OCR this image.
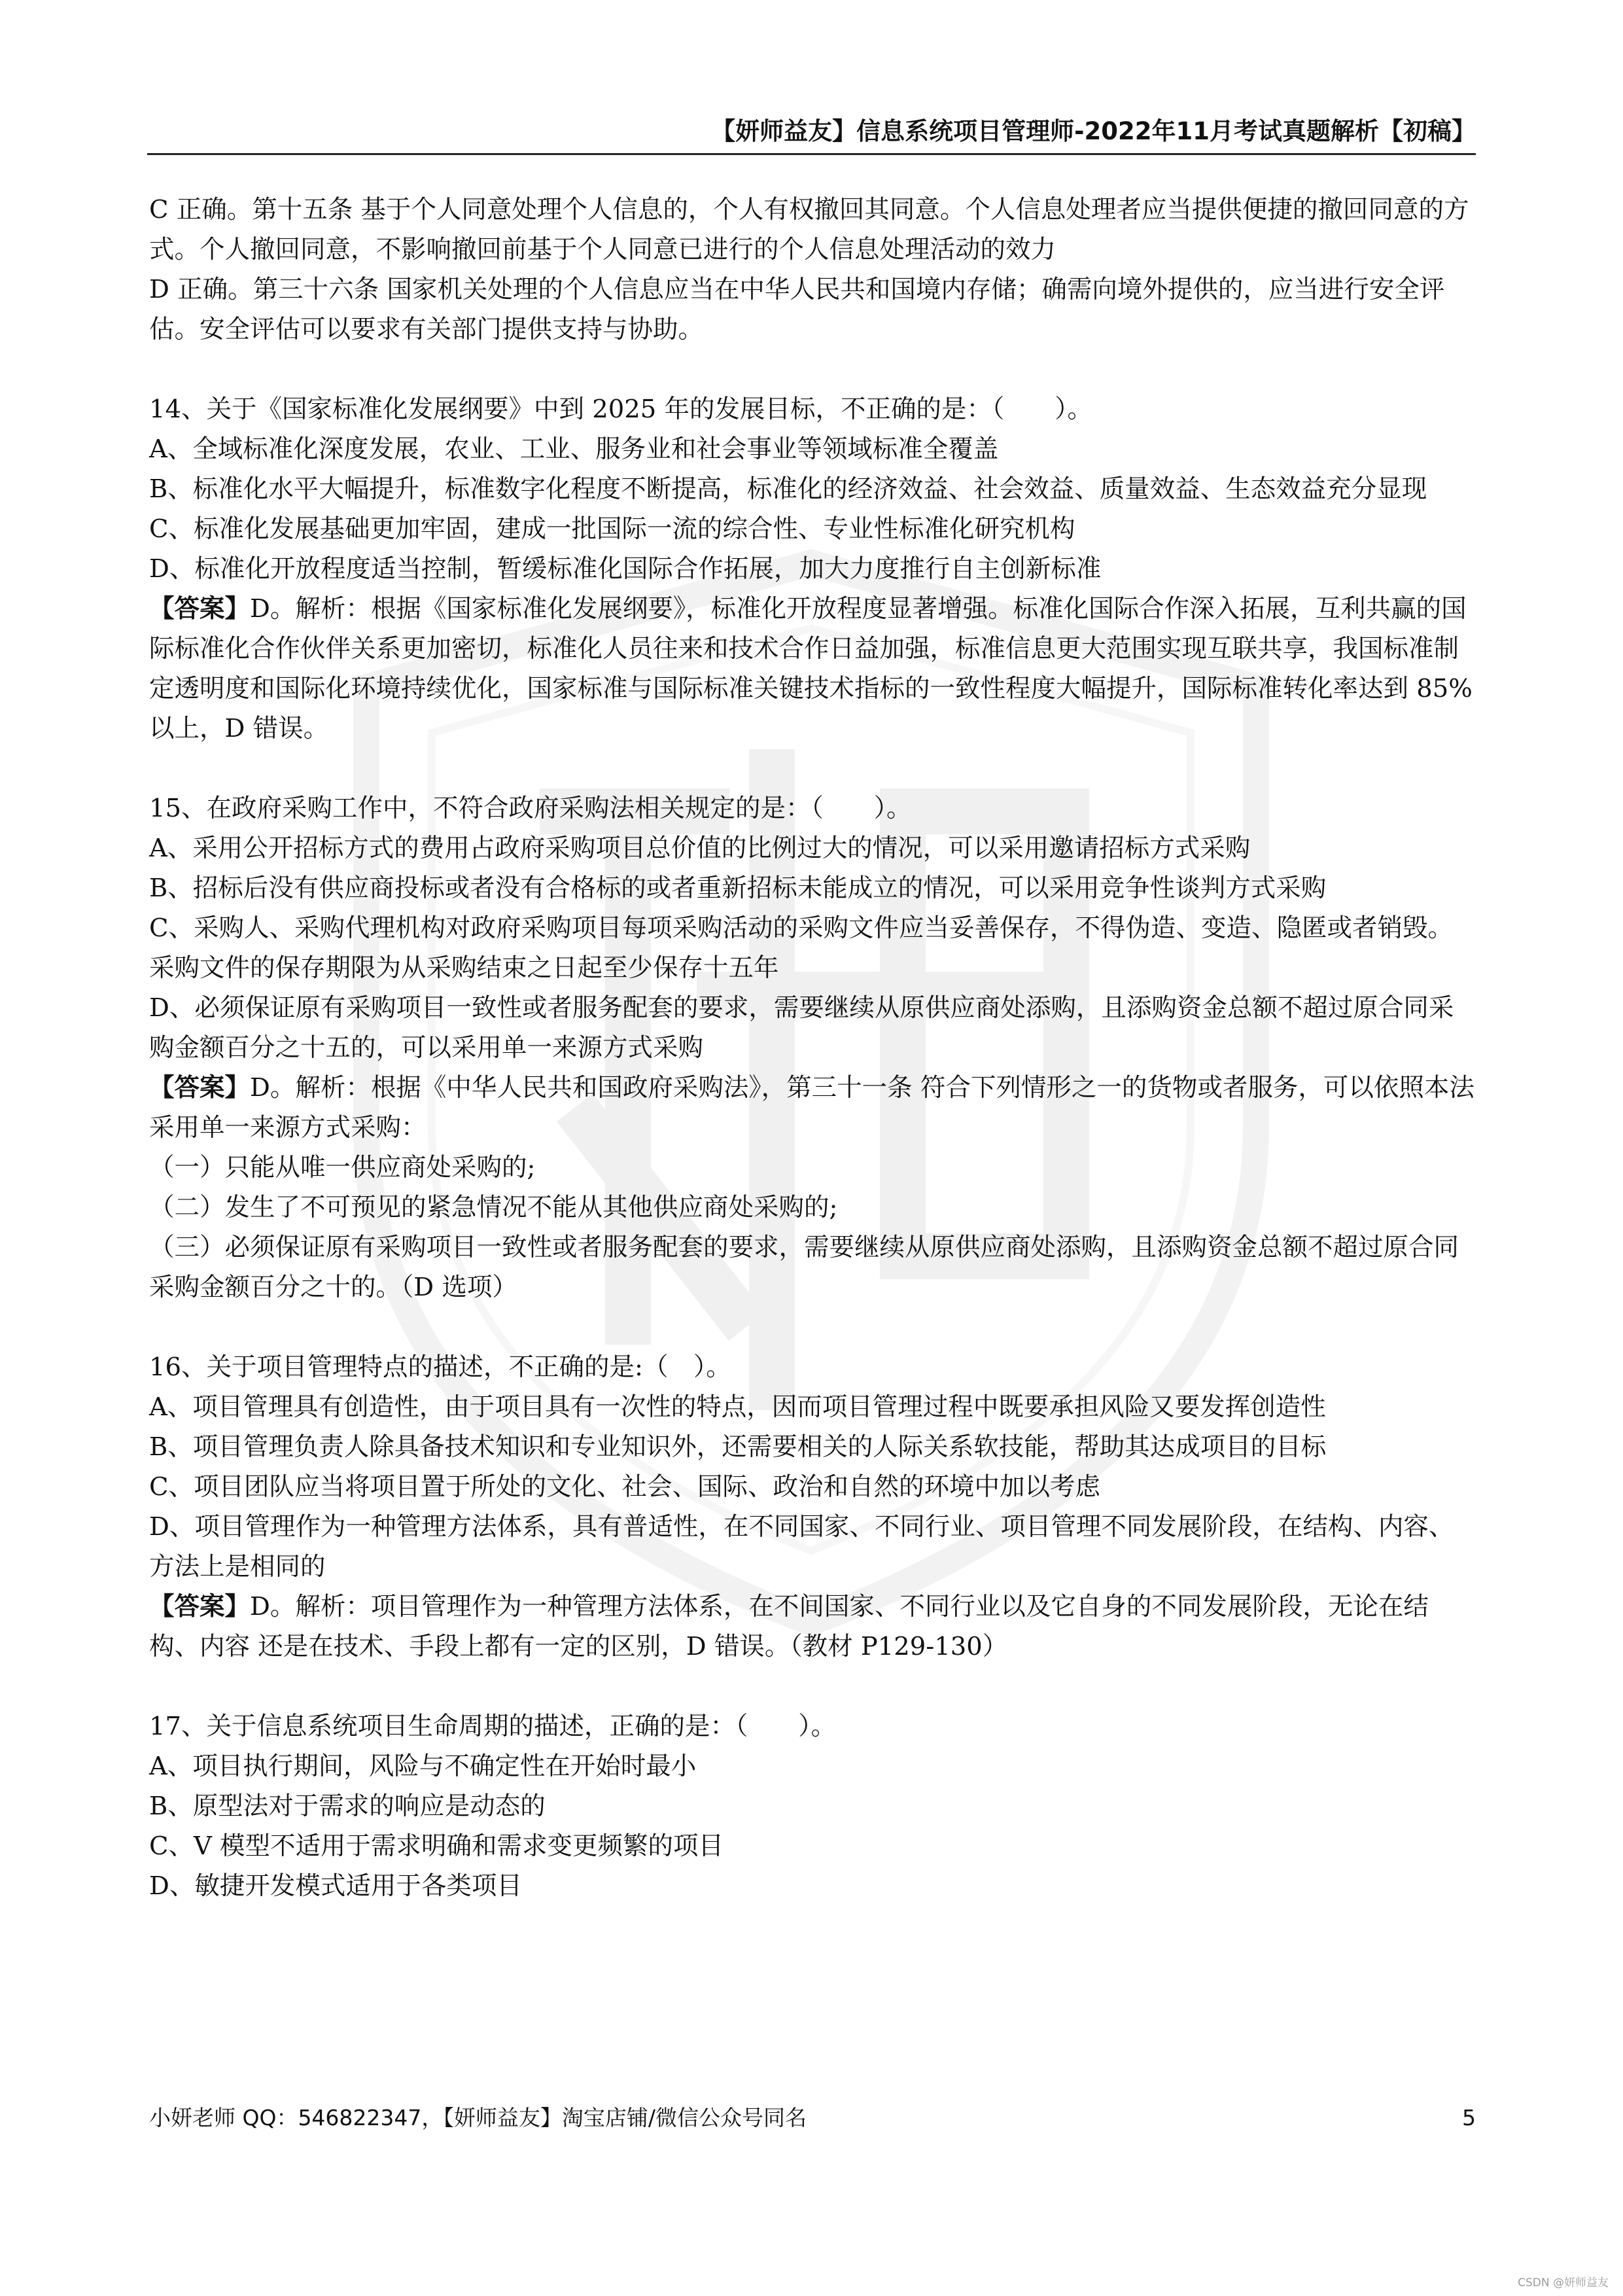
【妍师益友】信息系统项目管理师-2022年11月考试真题解析【初稿】

C 正确。第十五条 基于个人同意处理个人信息的，个人有权撤回其同意。个人信息处理者应当提供便捷的撤回同意的方式。个人撤回同意，不影响撤回前基于个人同意已进行的个人信息处理活动的效力

D 正确。第三十六条 国家机关处理的个人信息应当在中华人民共和国境内存储；确需向境外提供的，应当进行安全评估。安全评估可以要求有关部门提供支持与协助。

14、关于《国家标准化发展纲要》中到 2025 年的发展目标，不正确的是：（　　）。

A、全域标准化深度发展，农业、工业、服务业和社会事业等领域标准全覆盖

B、标准化水平大幅提升，标准数字化程度不断提高，标准化的经济效益、社会效益、质量效益、生态效益充分显现

C、标准化发展基础更加牢固，建成一批国际一流的综合性、专业性标准化研究机构

D、标准化开放程度适当控制，暂缓标准化国际合作拓展，加大力度推行自主创新标准

【答案】D。解析：根据《国家标准化发展纲要》，标准化开放程度显著增强。标准化国际合作深入拓展，互利共赢的国际标准化合作伙伴关系更加密切，标准化人员往来和技术合作日益加强，标准信息更大范围实现互联共享，我国标准制定透明度和国际化环境持续优化，国家标准与国际标准关键技术指标的一致性程度大幅提升，国际标准转化率达到 85%以上，D 错误。

15、在政府采购工作中，不符合政府采购法相关规定的是：（　　）。

A、采用公开招标方式的费用占政府采购项目总价值的比例过大的情况，可以采用邀请招标方式采购

B、招标后没有供应商投标或者没有合格标的或者重新招标未能成立的情况，可以采用竞争性谈判方式采购

C、采购人、采购代理机构对政府采购项目每项采购活动的采购文件应当妥善保存，不得伪造、变造、隐匿或者销毁。采购文件的保存期限为从采购结束之日起至少保存十五年

D、必须保证原有采购项目一致性或者服务配套的要求，需要继续从原供应商处添购，且添购资金总额不超过原合同采购金额百分之十五的，可以采用单一来源方式采购

【答案】D。解析：根据《中华人民共和国政府采购法》，第三十一条 符合下列情形之一的货物或者服务，可以依照本法采用单一来源方式采购：

（一）只能从唯一供应商处采购的;

（二）发生了不可预见的紧急情况不能从其他供应商处采购的;

（三）必须保证原有采购项目一致性或者服务配套的要求，需要继续从原供应商处添购，且添购资金总额不超过原合同采购金额百分之十的。（D 选项）

16、关于项目管理特点的描述，不正确的是:（　）。

A、项目管理具有创造性，由于项目具有一次性的特点，因而项目管理过程中既要承担风险又要发挥创造性

B、项目管理负责人除具备技术知识和专业知识外，还需要相关的人际关系软技能，帮助其达成项目的目标

C、项目团队应当将项目置于所处的文化、社会、国际、政治和自然的环境中加以考虑

D、项目管理作为一种管理方法体系，具有普适性，在不同国家、不同行业、项目管理不同发展阶段，在结构、内容、方法上是相同的

【答案】D。解析：项目管理作为一种管理方法体系，在不间国家、不同行业以及它自身的不同发展阶段，无论在结构、内容 还是在技术、手段上都有一定的区别，D 错误。（教材 P129-130）

17、关于信息系统项目生命周期的描述，正确的是：（　　）。

A、项目执行期间，风险与不确定性在开始时最小

B、原型法对于需求的响应是动态的

C、V 模型不适用于需求明确和需求变更频繁的项目

D、敏捷开发模式适用于各类项目

小妍老师 QQ：546822347，【妍师益友】淘宝店铺/微信公众号同名	5
CSDN @妍师益友
